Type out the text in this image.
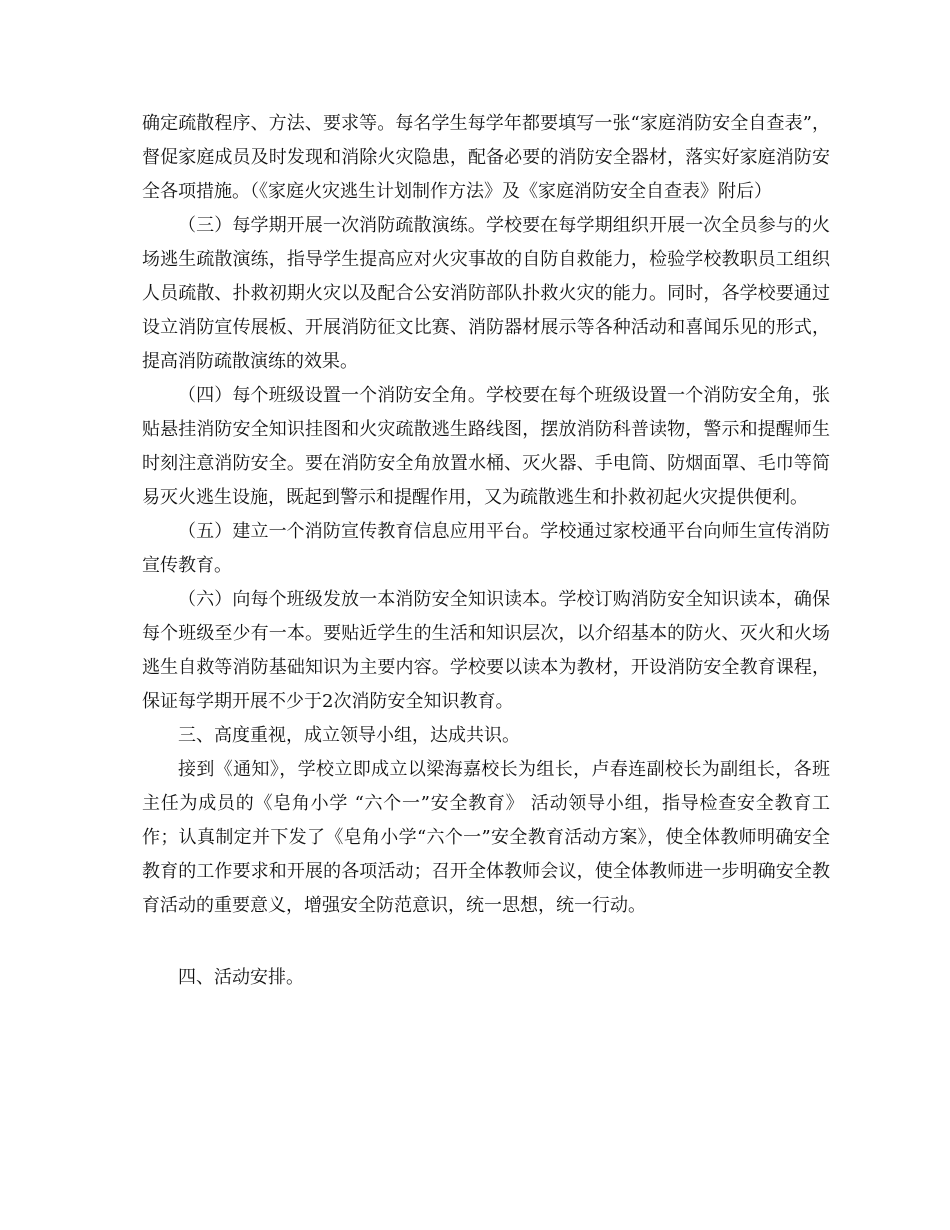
确定疏散程序、方法、要求等。每名学生每学年都要填写一张“家庭消防安全自查表”，督促家庭成员及时发现和消除火灾隐患，配备必要的消防安全器材，落实好家庭消防安全各项措施。（《家庭火灾逃生计划制作方法》及《家庭消防安全自查表》附后）

（三）每学期开展一次消防疏散演练。学校要在每学期组织开展一次全员参与的火场逃生疏散演练，指导学生提高应对火灾事故的自防自救能力，检验学校教职员工组织人员疏散、扑救初期火灾以及配合公安消防部队扑救火灾的能力。同时，各学校要通过设立消防宣传展板、开展消防征文比赛、消防器材展示等各种活动和喜闻乐见的形式，提高消防疏散演练的效果。

（四）每个班级设置一个消防安全角。学校要在每个班级设置一个消防安全角，张贴悬挂消防安全知识挂图和火灾疏散逃生路线图，摆放消防科普读物，警示和提醒师生时刻注意消防安全。要在消防安全角放置水桶、灭火器、手电筒、防烟面罩、毛巾等简易灭火逃生设施，既起到警示和提醒作用，又为疏散逃生和扑救初起火灾提供便利。

（五）建立一个消防宣传教育信息应用平台。学校通过家校通平台向师生宣传消防宣传教育。

（六）向每个班级发放一本消防安全知识读本。学校订购消防安全知识读本，确保每个班级至少有一本。要贴近学生的生活和知识层次，以介绍基本的防火、灭火和火场逃生自救等消防基础知识为主要内容。学校要以读本为教材，开设消防安全教育课程，保证每学期开展不少于2次消防安全知识教育。

三、高度重视，成立领导小组，达成共识。

接到《通知》，学校立即成立以梁海嘉校长为组长，卢春连副校长为副组长，各班主任为成员的《皂角小学 “六个一”安全教育》 活动领导小组，指导检查安全教育工作；认真制定并下发了《皂角小学“六个一”安全教育活动方案》，使全体教师明确安全教育的工作要求和开展的各项活动；召开全体教师会议，使全体教师进一步明确安全教育活动的重要意义，增强安全防范意识，统一思想，统一行动。

四、活动安排。
